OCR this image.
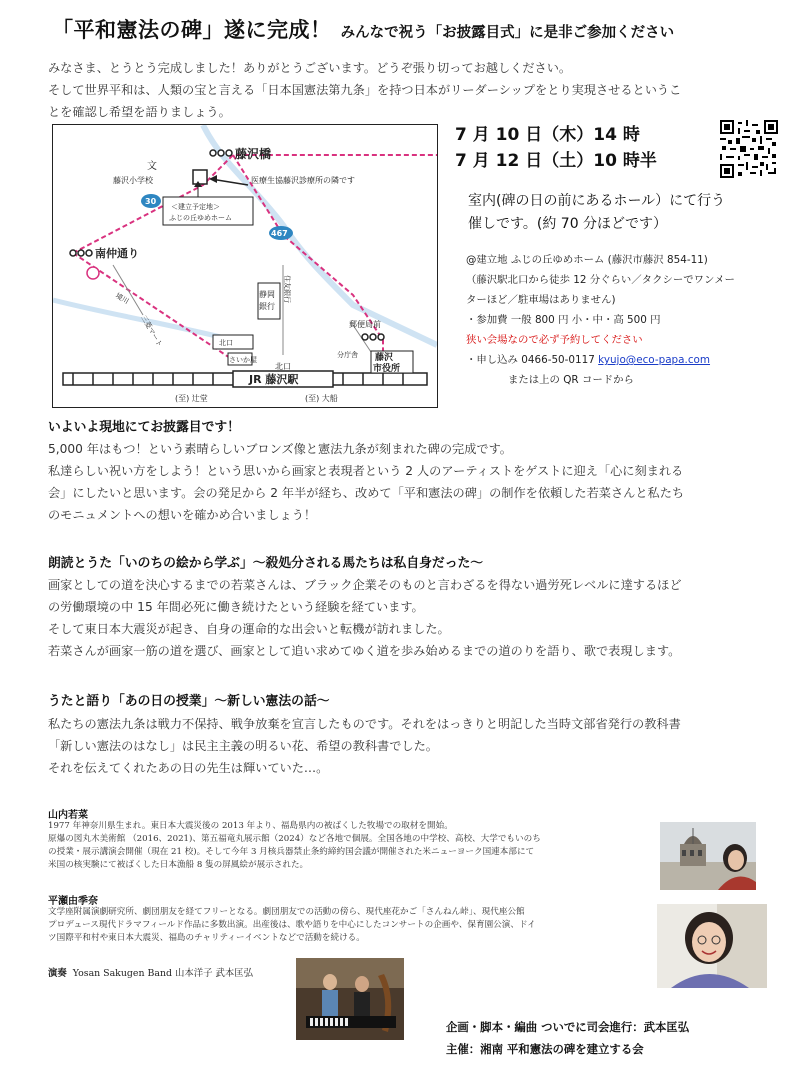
「平和憲法の碑」遂に完成！ みんなで祝う「お披露目式」に是非ご参加ください
みなさま、とうとう完成しました！ありがとうございます。どうぞ張り切ってお越しください。
そして世界平和は、人類の宝と言える「日本国憲法第九条」を持つ日本がリーダーシップをとり実現させるというこ
とを確認し希望を語りましょう。
藤沢橋
文
藤沢小学校	医療生協藤沢診療所の隣です
＜建立予定地＞
ふじの丘ゆめホーム
30
467
南仲通り
境川
三菱マート
住友銀行
静岡
銀行
郵便局前
北口
さいか屋
分庁舎 藤沢
市役所
北口
JR 藤沢駅
(至) 辻堂	(至) 大船
7 月 10 日（木）14 時
7 月 12 日（土）10 時半
室内(碑の日の前にあるホール）にて行う
催しです。(約 70 分ほどです）
@建立地 ふじの丘ゆめホーム (藤沢市藤沢 854-11)
（藤沢駅北口から徒歩 12 分ぐらい／タクシーでワンメー
ターほど／駐車場はありません)
・参加費 一般 800 円 小・中・高 500 円
狭い会場なので必ず予約してください
・申し込み 0466-50-0117 kyujo@eco-papa.com
または上の QR コードから
いよいよ現地にてお披露目です！
5,000 年はもつ！という素晴らしいブロンズ像と憲法九条が刻まれた碑の完成です。
私達らしい祝い方をしよう！という思いから画家と表現者という 2 人のアーティストをゲストに迎え「心に刻まれる
会」にしたいと思います。会の発足から 2 年半が経ち、改めて「平和憲法の碑」の制作を依頼した若菜さんと私たち
のモニュメントへの想いを確かめ合いましょう！
朗読とうた「いのちの絵から学ぶ」～殺処分される馬たちは私自身だった～
画家としての道を決心するまでの若菜さんは、ブラック企業そのものと言わざるを得ない過労死レベルに達するほど
の労働環境の中 15 年間必死に働き続けたという経験を経ています。
そして東日本大震災が起き、自身の運命的な出会いと転機が訪れました。
若菜さんが画家一筋の道を選び、画家として追い求めてゆく道を歩み始めるまでの道のりを語り、歌で表現します。
うたと語り「あの日の授業」～新しい憲法の話～
私たちの憲法九条は戦力不保持、戦争放棄を宣言したものです。それをはっきりと明記した当時文部省発行の教科書
「新しい憲法のはなし」は民主主義の明るい花、希望の教科書でした。
それを伝えてくれたあの日の先生は輝いていた…。
山内若菜
1977 年神奈川県生まれ。東日本大震災後の 2013 年より、福島県内の被ばくした牧場での取材を開始。
原爆の図丸木美術館 （2016、2021)、第五福竜丸展示館（2024）など各地で個展。全国各地の中学校、高校、大学でもいのち
の授業・展示講演会開催（現在 21 校)。そして今年 3 月核兵器禁止条約締約国会議が開催された米ニューヨーク国連本部にて
米国の核実験にて被ばくした日本漁船 8 隻の屏風絵が展示された。
平瀬由季奈
文学座附属演劇研究所、劇団朋友を経てフリーとなる。劇団朋友での活動の傍ら、現代座花かご「さんねん峠」、現代座公館
プロデュース現代ドラマフィールド作品に多数出演。出産後は、歌や語りを中心にしたコンサートの企画や、保育園公演、ドイ
ツ国際平和村や東日本大震災、福島のチャリティーイベントなどで活動を続ける。
演奏 Yosan Sakugen Band 山本洋子 武本匡弘
企画・脚本・編曲 ついでに司会進行：武本匡弘
主催：湘南 平和憲法の碑を建立する会
